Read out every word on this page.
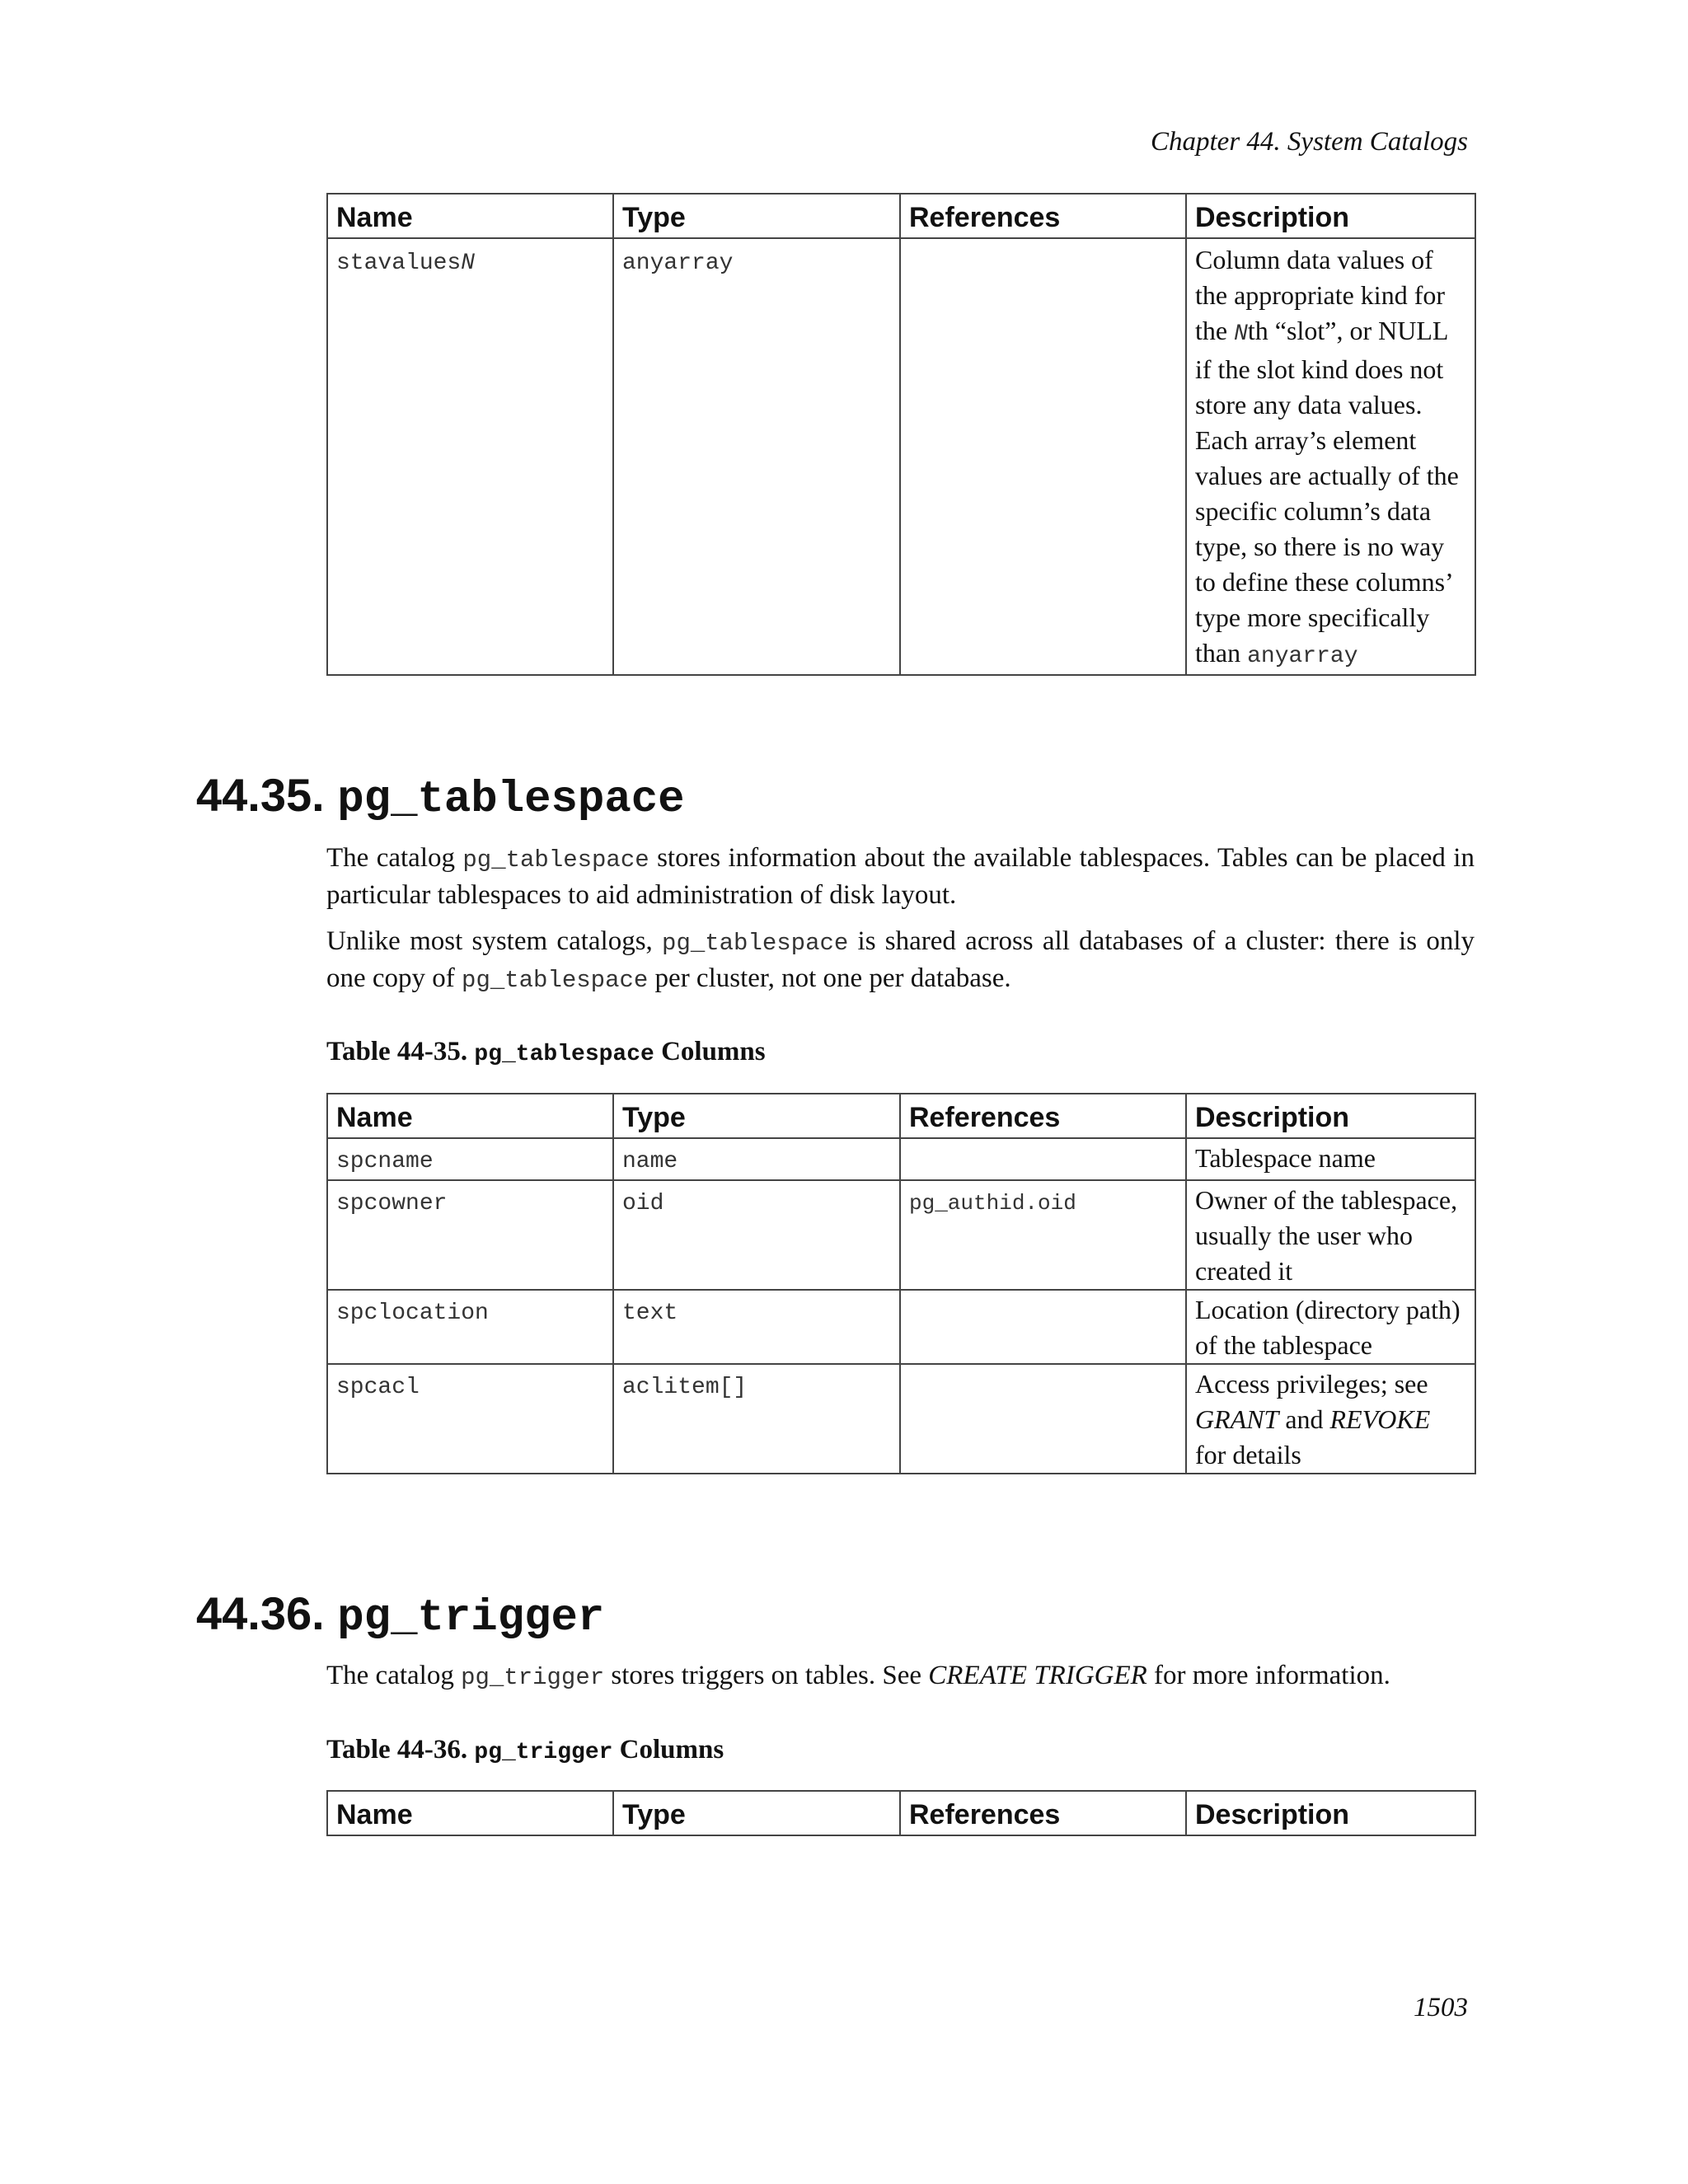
Chapter 44. System Catalogs
Name	Type	References	Description
stavaluesN	anyarray		Column data values of the appropriate kind for the Nth “slot”, or NULL if the slot kind does not store any data values. Each array’s element values are actually of the specific column’s data type, so there is no way to define these columns’ type more specifically than anyarray
44.35. pg_tablespace
The catalog pg_tablespace stores information about the available tablespaces. Tables can be placed in particular tablespaces to aid administration of disk layout.
Unlike most system catalogs, pg_tablespace is shared across all databases of a cluster: there is only one copy of pg_tablespace per cluster, not one per database.
Table 44-35. pg_tablespace Columns
Name	Type	References	Description
spcname	name		Tablespace name
spcowner	oid	pg_authid.oid	Owner of the tablespace, usually the user who created it
spclocation	text		Location (directory path) of the tablespace
spcacl	aclitem[]		Access privileges; see GRANT and REVOKE for details
44.36. pg_trigger
The catalog pg_trigger stores triggers on tables. See CREATE TRIGGER for more information.
Table 44-36. pg_trigger Columns
Name	Type	References	Description
1503
